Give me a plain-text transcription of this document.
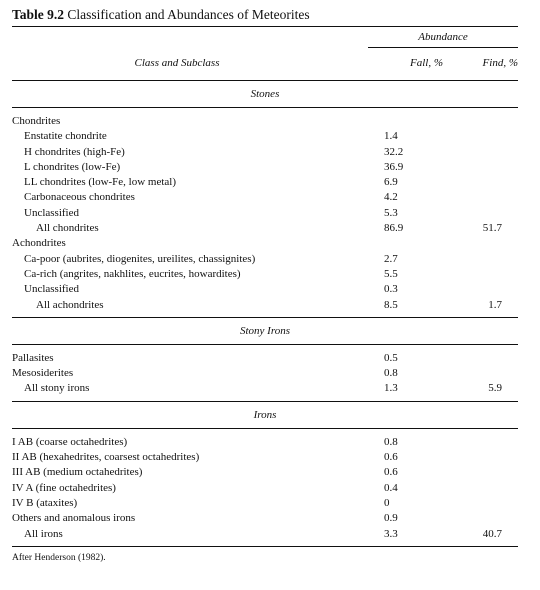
Table 9.2 Classification and Abundances of Meteorites
Abundance
Class and Subclass	Fall, %	Find, %
Stones
Chondrites
Enstatite chondrite	1.4
H chondrites (high-Fe)	32.2
L chondrites (low-Fe)	36.9
LL chondrites (low-Fe, low metal)	6.9
Carbonaceous chondrites	4.2
Unclassified	5.3
All chondrites	86.9	51.7
Achondrites
Ca-poor (aubrites, diogenites, ureilites, chassignites)	2.7
Ca-rich (angrites, nakhlites, eucrites, howardites)	5.5
Unclassified	0.3
All achondrites	8.5	1.7
Stony Irons
Pallasites	0.5
Mesosiderites	0.8
All stony irons	1.3	5.9
Irons
I AB (coarse octahedrites)	0.8
II AB (hexahedrites, coarsest octahedrites)	0.6
III AB (medium octahedrites)	0.6
IV A (fine octahedrites)	0.4
IV B (ataxites)	0
Others and anomalous irons	0.9
All irons	3.3	40.7
After Henderson (1982).
